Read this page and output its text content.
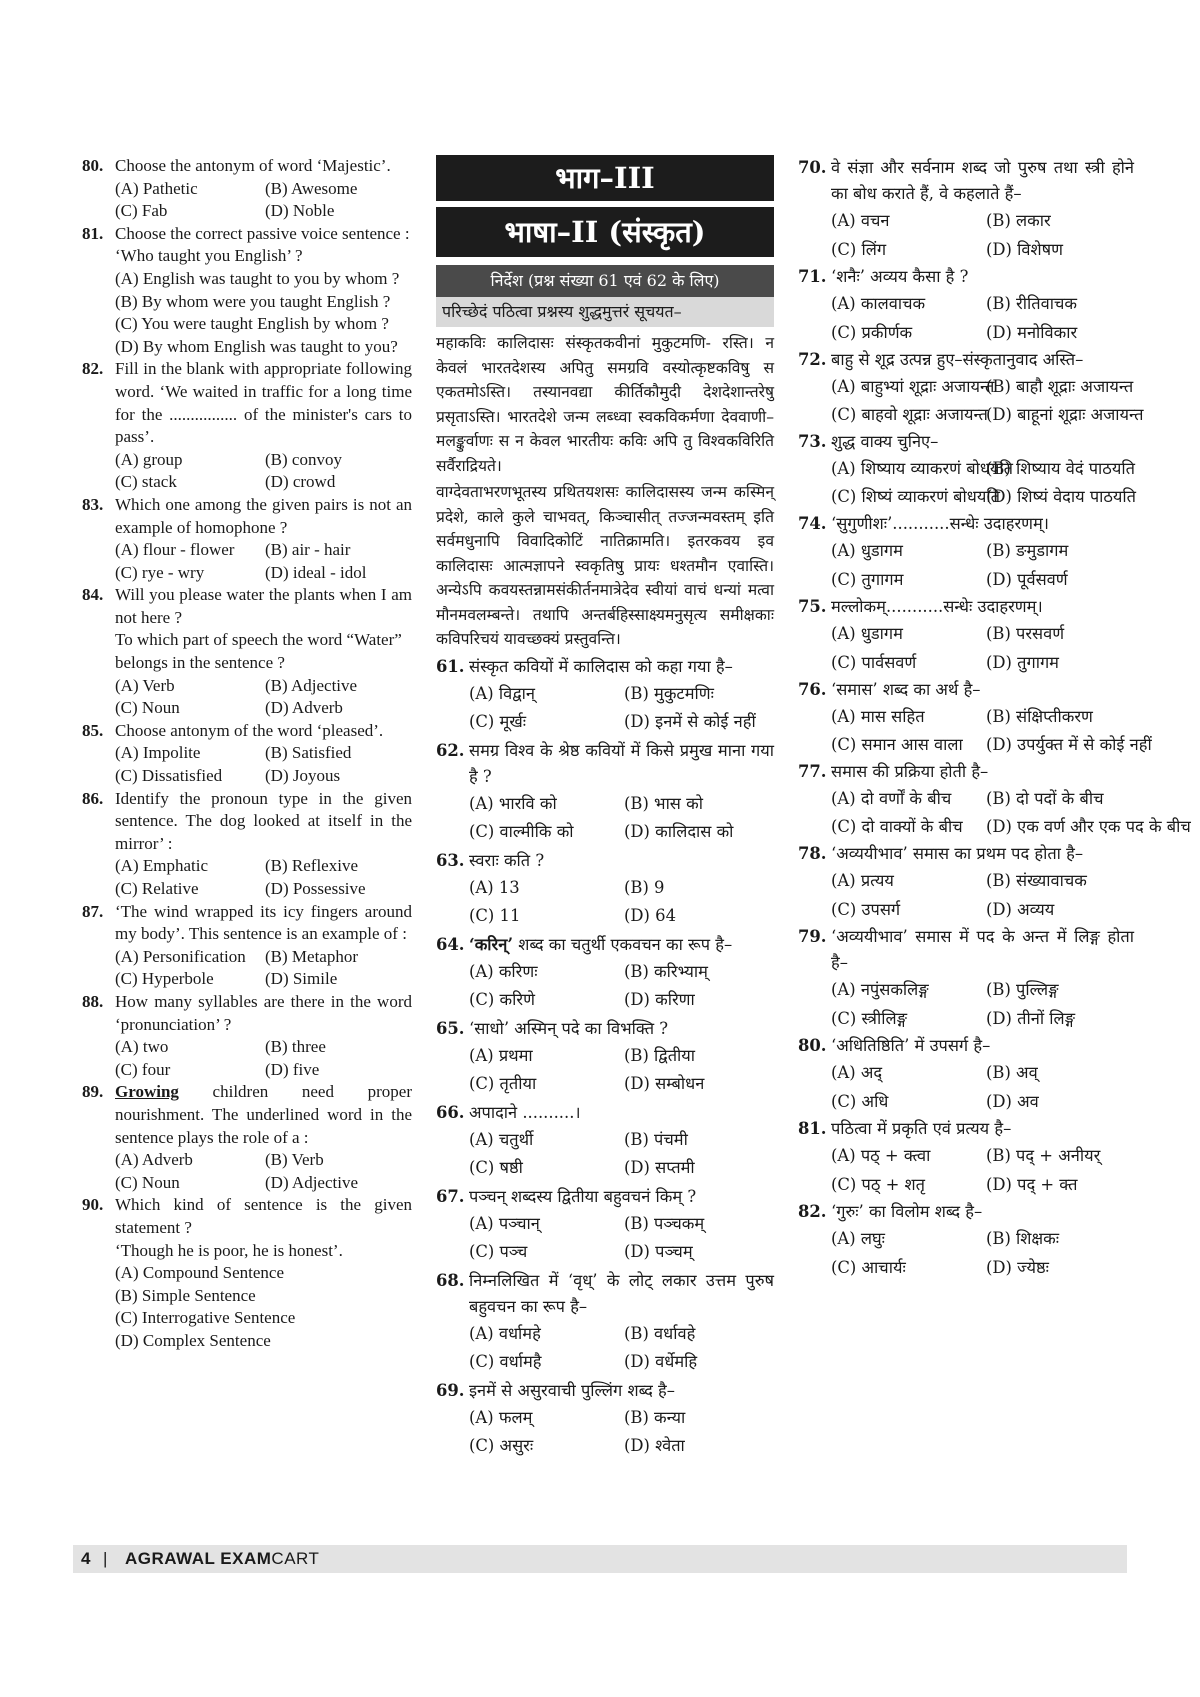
80. Choose the antonym of word ‘Majestic’.
(A) Pathetic	(B) Awesome
(C) Fab	(D) Noble
81. Choose the correct passive voice sentence :
‘Who taught you English’ ?
(A) English was taught to you by whom ?
(B) By whom were you taught English ?
(C) You were taught English by whom ?
(D) By whom English was taught to you?
82. Fill in the blank with appropriate following word. ‘We waited in traffic for a long time for the ................ of the minister's cars to pass’.
(A) group	(B) convoy
(C) stack	(D) crowd
83. Which one among the given pairs is not an example of homophone ?
(A) flour - flower	(B) air - hair
(C) rye - wry	(D) ideal - idol
84. Will you please water the plants when I am not here ?
To which part of speech the word “Water” belongs in the sentence ?
(A) Verb	(B) Adjective
(C) Noun	(D) Adverb
85. Choose antonym of the word ‘pleased’.
(A) Impolite	(B) Satisfied
(C) Dissatisfied	(D) Joyous
86. Identify the pronoun type in the given sentence. The dog looked at itself in the mirror’ :
(A) Emphatic	(B) Reflexive
(C) Relative	(D) Possessive
87. ‘The wind wrapped its icy fingers around my body’. This sentence is an example of :
(A) Personification	(B) Metaphor
(C) Hyperbole	(D) Simile
88. How many syllables are there in the word ‘pronunciation’ ?
(A) two	(B) three
(C) four	(D) five
89. Growing children need proper nourishment. The underlined word in the sentence plays the role of a :
(A) Adverb	(B) Verb
(C) Noun	(D) Adjective
90. Which kind of sentence is the given statement ?
‘Though he is poor, he is honest’.
(A) Compound Sentence
(B) Simple Sentence
(C) Interrogative Sentence
(D) Complex Sentence
भाग–III
भाषा–II (संस्कृत)
निर्देश (प्रश्न संख्या 61 एवं 62 के लिए)
परिच्छेदं पठित्वा प्रश्नस्य शुद्धमुत्तरं सूचयत–

महाकविः कालिदासः संस्कृतकवीनां मुकुटमणि- रस्ति। न केवलं भारतदेशस्य अपितु समग्रवि वस्योत्कृष्टकविषु स एकतमोऽस्ति। तस्यानवद्या कीर्तिकौमुदी देशदेशान्तरेषु प्रसृताऽस्ति। भारतदेशे जन्म लब्ध्वा स्वकविकर्मणा देववाणी– मलङ्कुर्वाणः स न केवल भारतीयः कविः अपि तु विश्वकविरिति सर्वैराद्रियते।

वाग्देवताभरणभूतस्य प्रथितयशसः कालिदासस्य जन्म कस्मिन् प्रदेशे, काले कुले चाभवत्, किञ्चासीत् तज्जन्मवस्तम् इति सर्वमधुनापि विवादिकोटिं नातिक्रामति। इतरकवय इव कालिदासः आत्मज्ञापने स्वकृतिषु प्रायः धश्तमौन एवास्ति। अन्येऽपि कवयस्तन्नामसंकीर्तनमात्रेदेव स्वीयां वाचं धन्यां मत्वा मौनमवलम्बन्ते। तथापि अन्तर्बहिस्साक्ष्यमनुसृत्य समीक्षकाः कविपरिचयं यावच्छक्यं प्रस्तुवन्ति।

61. संस्कृत कवियों में कालिदास को कहा गया है–
(A) विद्वान्	(B) मुकुटमणिः
(C) मूर्खः	(D) इनमें से कोई नहीं
62. समग्र विश्व के श्रेष्ठ कवियों में किसे प्रमुख माना गया है ?
(A) भारवि को	(B) भास को
(C) वाल्मीकि को	(D) कालिदास को
63. स्वराः कति ?
(A) 13	(B) 9
(C) 11	(D) 64
64. ‘करिन्’ शब्द का चतुर्थी एकवचन का रूप है–
(A) करिणः	(B) करिभ्याम्
(C) करिणे	(D) करिणा
65. ‘साधो’ अस्मिन् पदे का विभक्ति ?
(A) प्रथमा	(B) द्वितीया
(C) तृतीया	(D) सम्बोधन
66. अपादाने ..........।
(A) चतुर्थी	(B) पंचमी
(C) षष्ठी	(D) सप्तमी
67. पञ्चन् शब्दस्य द्वितीया बहुवचनं किम् ?
(A) पञ्चान्	(B) पञ्चकम्
(C) पञ्च	(D) पञ्चम्
68. निम्नलिखित में ‘वृध्’ के लोट् लकार उत्तम पुरुष बहुवचन का रूप है–
(A) वर्धामहे	(B) वर्धावहे
(C) वर्धामहै	(D) वर्धेमहि
69. इनमें से असुरवाची पुल्लिंग शब्द है–
(A) फलम्	(B) कन्या
(C) असुरः	(D) श्वेता
70. वे संज्ञा और सर्वनाम शब्द जो पुरुष तथा स्त्री होने का बोध कराते हैं, वे कहलाते हैं–
(A) वचन	(B) लकार
(C) लिंग	(D) विशेषण
71. ‘शनैः’ अव्यय कैसा है ?
(A) कालवाचक	(B) रीतिवाचक
(C) प्रकीर्णक	(D) मनोविकार
72. बाहु से शूद्र उत्पन्न हुए–संस्कृतानुवाद अस्ति–
(A) बाहुभ्यां शूद्राः अजायन्त
(B) बाहौ शूद्राः अजायन्त
(C) बाहवो शूद्राः अजायन्त
(D) बाहूनां शूद्राः अजायन्त
73. शुद्ध वाक्य चुनिए–
(A) शिष्याय व्याकरणं बोधयति
(B) शिष्याय वेदं पाठयति
(C) शिष्यं व्याकरणं बोधयति
(D) शिष्यं वेदाय पाठयति
74. ‘सुगुणीशः’...........सन्धेः उदाहरणम्।
(A) धुडागम	(B) ङमुडागम
(C) तुगागम	(D) पूर्वसवर्ण
75. मल्लोकम्...........सन्धेः उदाहरणम्।
(A) धुडागम	(B) परसवर्ण
(C) पार्वसवर्ण	(D) तुगागम
76. ‘समास’ शब्द का अर्थ है–
(A) मास सहित	(B) संक्षिप्तीकरण
(C) समान आस वाला	(D) उपर्युक्त में से कोई नहीं
77. समास की प्रक्रिया होती है–
(A) दो वर्णों के बीच	(B) दो पदों के बीच
(C) दो वाक्यों के बीच	(D) एक वर्ण और एक पद के बीच
78. ‘अव्ययीभाव’ समास का प्रथम पद होता है–
(A) प्रत्यय	(B) संख्यावाचक
(C) उपसर्ग	(D) अव्यय
79. ‘अव्ययीभाव’ समास में पद के अन्त में लिङ्ग होता है–
(A) नपुंसकलिङ्ग	(B) पुल्लिङ्ग
(C) स्त्रीलिङ्ग	(D) तीनों लिङ्ग
80. ‘अधितिष्ठिति’ में उपसर्ग है–
(A) अद्	(B) अव्
(C) अधि	(D) अव
81. पठित्वा में प्रकृति एवं प्रत्यय है–
(A) पठ् + क्त्वा	(B) पद् + अनीयर्
(C) पठ् + शतृ	(D) पद् + क्त
82. ‘गुरुः’ का विलोम शब्द है–
(A) लघुः	(B) शिक्षकः
(C) आचार्यः	(D) ज्येष्ठः
4 | AGRAWAL EXAMCART
